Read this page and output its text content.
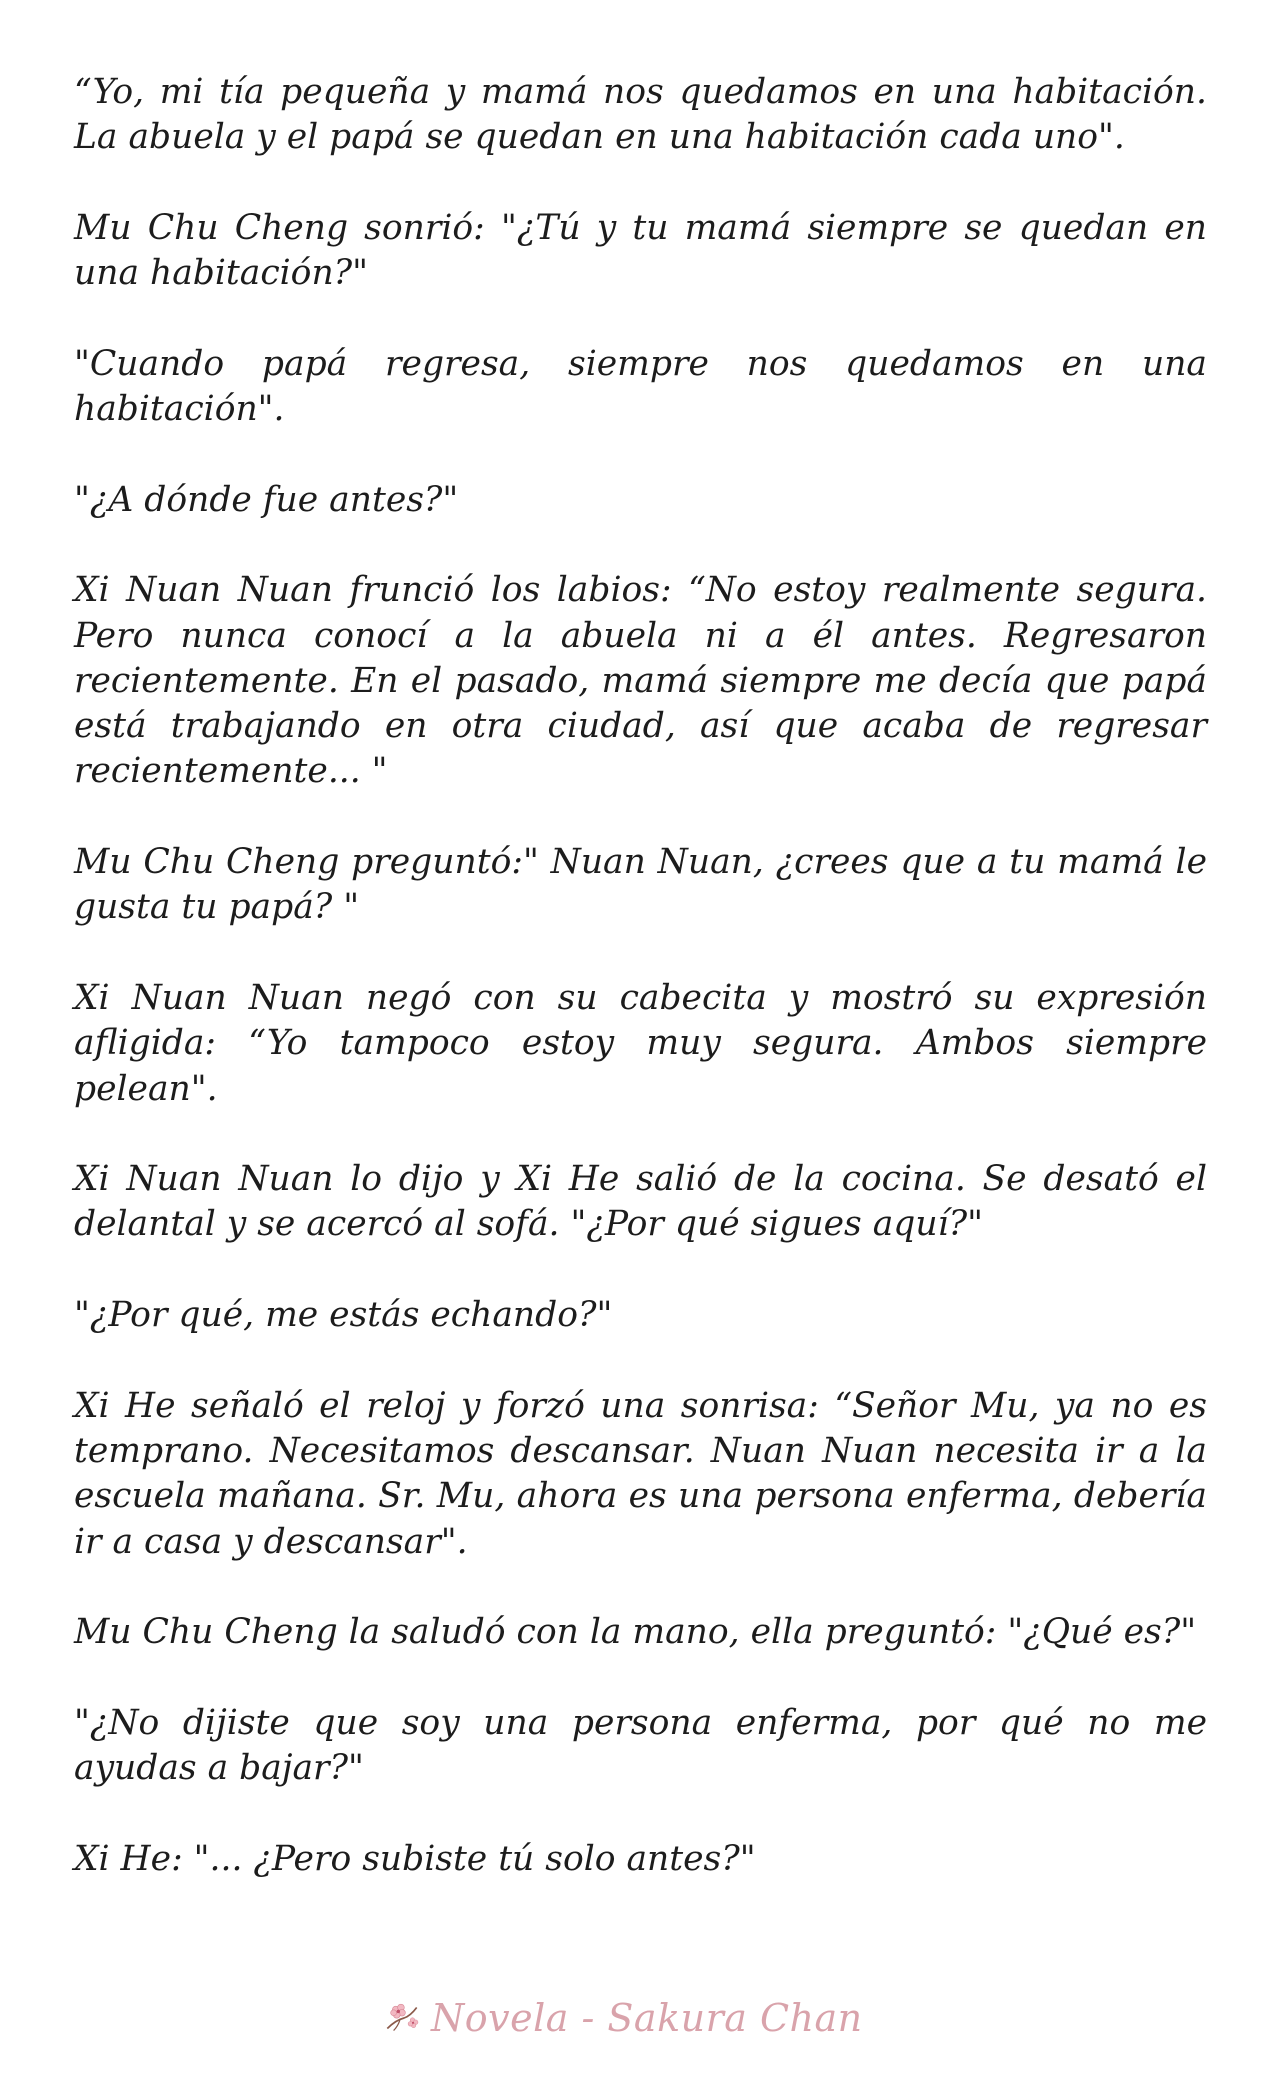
“Yo, mi tía pequeña y mamá nos quedamos en una habitación. La abuela y el papá se quedan en una habitación cada uno".

Mu Chu Cheng sonrió: "¿Tú y tu mamá siempre se quedan en una habitación?"

"Cuando papá regresa, siempre nos quedamos en una habitación".

"¿A dónde fue antes?"

Xi Nuan Nuan frunció los labios: “No estoy realmente segura. Pero nunca conocí a la abuela ni a él antes. Regresaron recientemente. En el pasado, mamá siempre me decía que papá está trabajando en otra ciudad, así que acaba de regresar recientemente... "

Mu Chu Cheng preguntó:" Nuan Nuan, ¿crees que a tu mamá le gusta tu papá? "

Xi Nuan Nuan negó con su cabecita y mostró su expresión afligida: “Yo tampoco estoy muy segura. Ambos siempre pelean".

Xi Nuan Nuan lo dijo y Xi He salió de la cocina. Se desató el delantal y se acercó al sofá. "¿Por qué sigues aquí?"

"¿Por qué, me estás echando?"

Xi He señaló el reloj y forzó una sonrisa: “Señor Mu, ya no es temprano. Necesitamos descansar. Nuan Nuan necesita ir a la escuela mañana. Sr. Mu, ahora es una persona enferma, debería ir a casa y descansar".

Mu Chu Cheng la saludó con la mano, ella preguntó: "¿Qué es?"

"¿No dijiste que soy una persona enferma, por qué no me ayudas a bajar?"

Xi He: "... ¿Pero subiste tú solo antes?"

Novela - Sakura Chan
